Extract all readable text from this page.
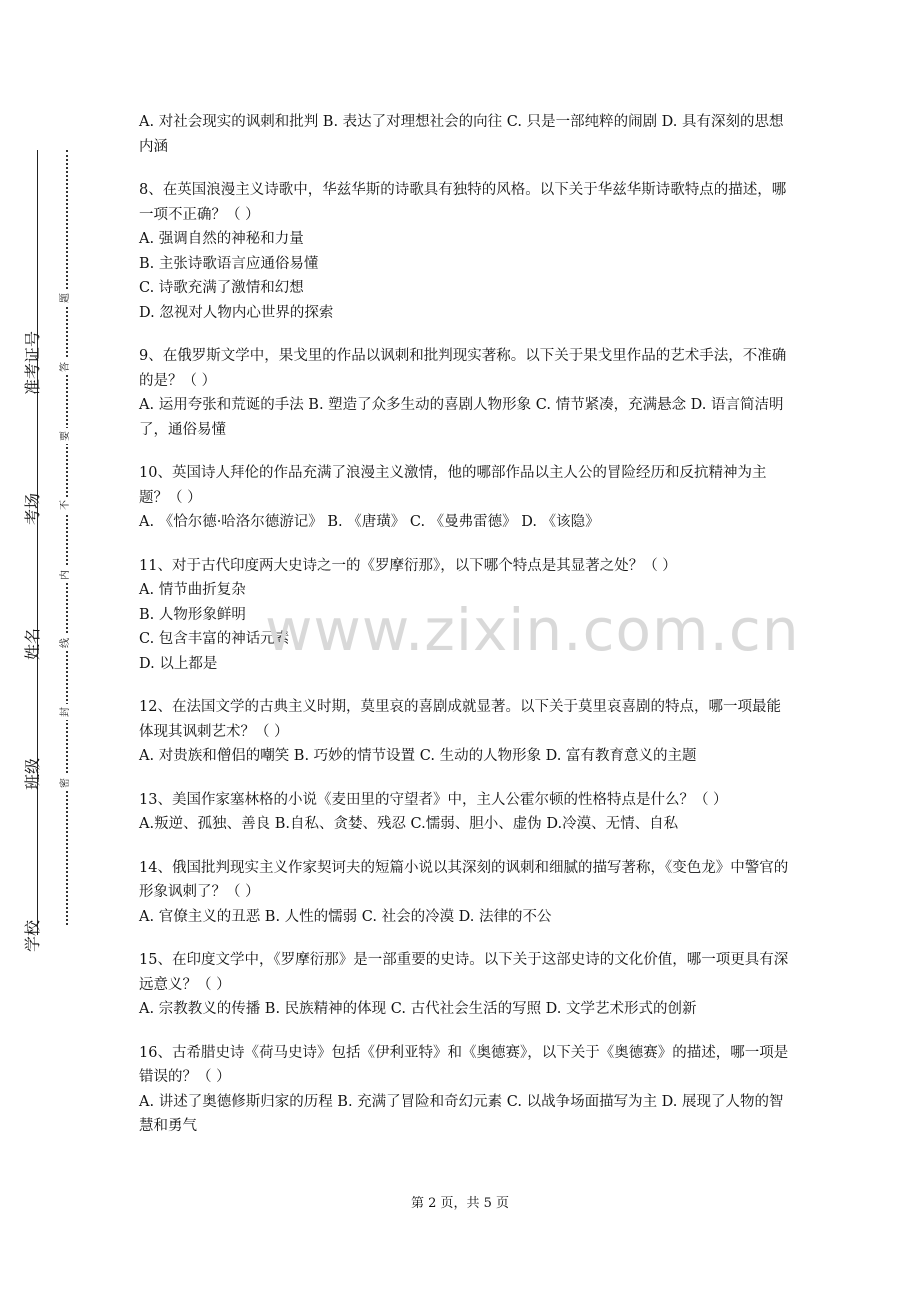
学校
班级
姓名
考场
准考证号
密
封
线
内
不
要
答
题

A. 对社会现实的讽刺和批判 B. 表达了对理想社会的向往 C. 只是一部纯粹的闹剧 D. 具有深刻的思想内涵

8、在英国浪漫主义诗歌中，华兹华斯的诗歌具有独特的风格。以下关于华兹华斯诗歌特点的描述，哪一项不正确？（ ）

A. 强调自然的神秘和力量

B. 主张诗歌语言应通俗易懂

C. 诗歌充满了激情和幻想

D. 忽视对人物内心世界的探索

9、在俄罗斯文学中，果戈里的作品以讽刺和批判现实著称。以下关于果戈里作品的艺术手法，不准确的是？（ ）

A. 运用夸张和荒诞的手法 B. 塑造了众多生动的喜剧人物形象 C. 情节紧凑，充满悬念 D. 语言简洁明了，通俗易懂

10、英国诗人拜伦的作品充满了浪漫主义激情，他的哪部作品以主人公的冒险经历和反抗精神为主题？（ ）

A. 《恰尔德·哈洛尔德游记》 B. 《唐璜》 C. 《曼弗雷德》 D. 《该隐》

11、对于古代印度两大史诗之一的《罗摩衍那》，以下哪个特点是其显著之处？（ ）

A. 情节曲折复杂

B. 人物形象鲜明

C. 包含丰富的神话元素

D. 以上都是

12、在法国文学的古典主义时期，莫里哀的喜剧成就显著。以下关于莫里哀喜剧的特点，哪一项最能体现其讽刺艺术？（ ）

A. 对贵族和僧侣的嘲笑 B. 巧妙的情节设置 C. 生动的人物形象 D. 富有教育意义的主题

13、美国作家塞林格的小说《麦田里的守望者》中，主人公霍尔顿的性格特点是什么？（ ）

A.叛逆、孤独、善良 B.自私、贪婪、残忍 C.懦弱、胆小、虚伪 D.冷漠、无情、自私

14、俄国批判现实主义作家契诃夫的短篇小说以其深刻的讽刺和细腻的描写著称，《变色龙》中警官的形象讽刺了？（ ）

A. 官僚主义的丑恶 B. 人性的懦弱 C. 社会的冷漠 D. 法律的不公

15、在印度文学中，《罗摩衍那》是一部重要的史诗。以下关于这部史诗的文化价值，哪一项更具有深远意义？（ ）

A. 宗教教义的传播 B. 民族精神的体现 C. 古代社会生活的写照 D. 文学艺术形式的创新

16、古希腊史诗《荷马史诗》包括《伊利亚特》和《奥德赛》，以下关于《奥德赛》的描述，哪一项是错误的？（ ）

A. 讲述了奥德修斯归家的历程 B. 充满了冒险和奇幻元素 C. 以战争场面描写为主 D. 展现了人物的智慧和勇气

www.zixin.com.cn
第 2 页，共 5 页
